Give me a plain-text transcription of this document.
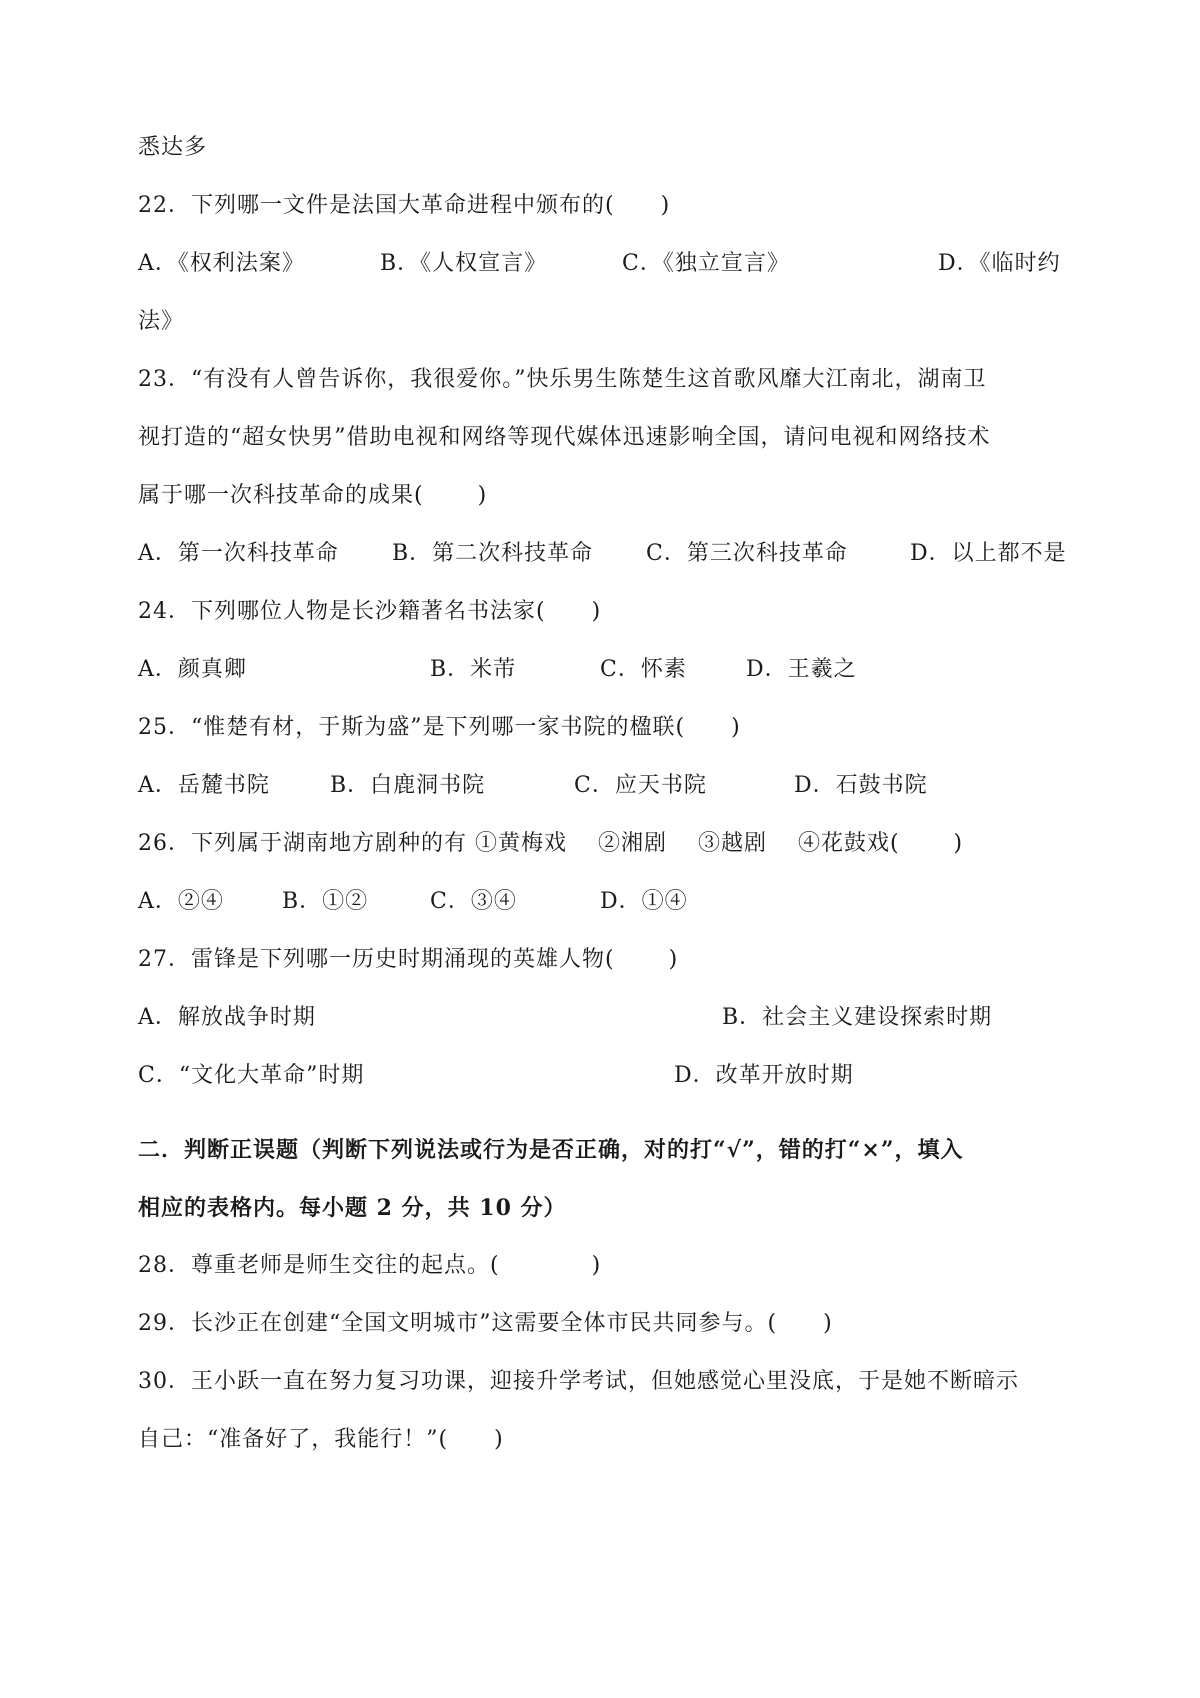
悉达多
22．下列哪一文件是法国大革命进程中颁布的(　　)
A．《权利法案》	B．《人权宣言》	C．《独立宣言》	D．《临时约
法》
23．“有没有人曾告诉你，我很爱你。”快乐男生陈楚生这首歌风靡大江南北，湖南卫
视打造的“超女快男”借助电视和网络等现代媒体迅速影响全国，请问电视和网络技术
属于哪一次科技革命的成果(　　 )
A．第一次科技革命 B．第二次科技革命 C．第三次科技革命	D．以上都不是
24．下列哪位人物是长沙籍著名书法家(　　)
A．颜真卿	B．米芾	C．怀素	D．王羲之
25．“惟楚有材，于斯为盛”是下列哪一家书院的楹联(　　)
A．岳麓书院	B．白鹿洞书院	C．应天书院	D．石鼓书院
26．下列属于湖南地方剧种的有 ①黄梅戏　 ②湘剧　 ③越剧　 ④花鼓戏(　　 )
A．②④	B．①②	C．③④	D．①④
27．雷锋是下列哪一历史时期涌现的英雄人物(　　 )
A．解放战争时期	B．社会主义建设探索时期
C．“文化大革命”时期	D．改革开放时期
二．判断正误题（判断下列说法或行为是否正确，对的打“√”，错的打“×”，填入
相应的表格内。每小题 2 分，共 10 分）
28．尊重老师是师生交往的起点。(　　　　)
29．长沙正在创建“全国文明城市”这需要全体市民共同参与。(　　)
30．王小跃一直在努力复习功课，迎接升学考试，但她感觉心里没底，于是她不断暗示
自己：“准备好了，我能行！”(　　)
